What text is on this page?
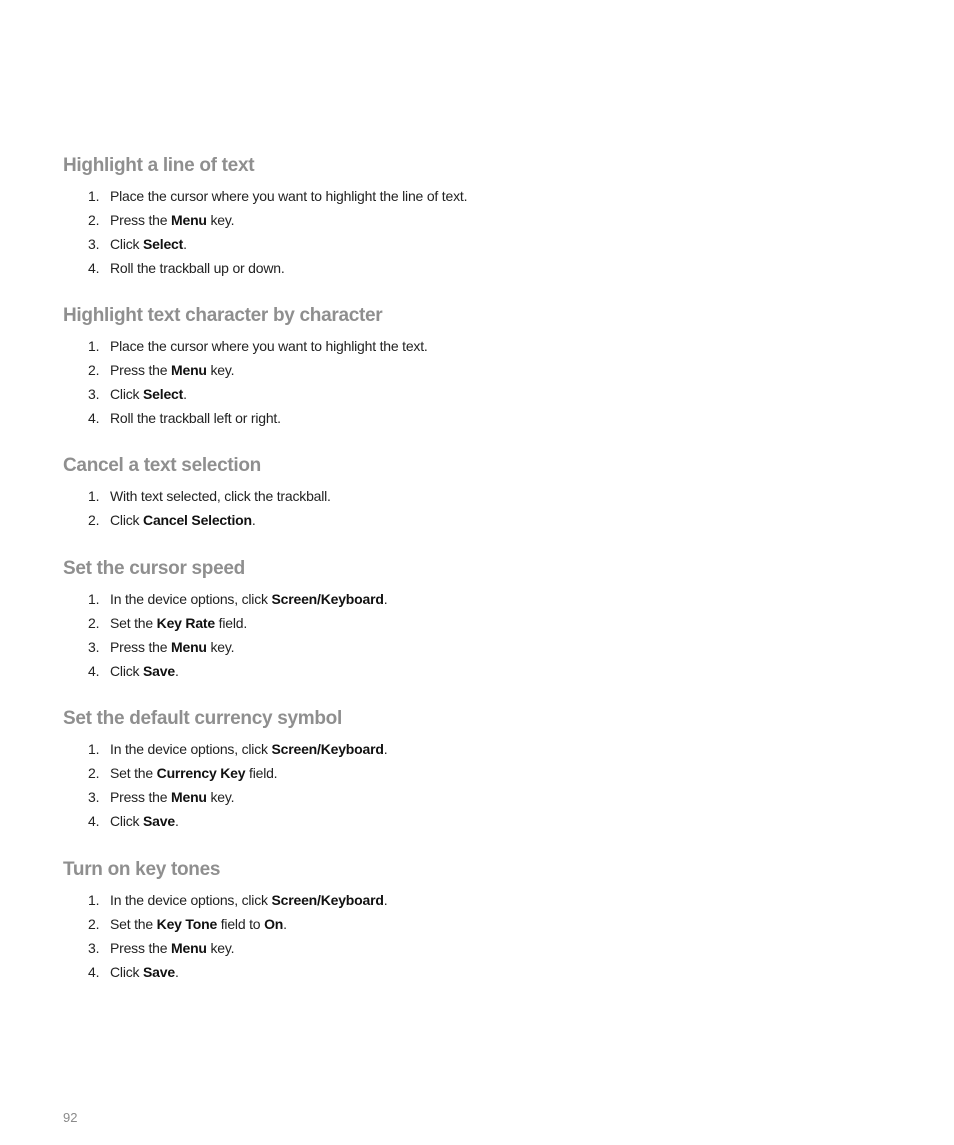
Highlight a line of text
1. Place the cursor where you want to highlight the line of text.
2. Press the Menu key.
3. Click Select.
4. Roll the trackball up or down.
Highlight text character by character
1. Place the cursor where you want to highlight the text.
2. Press the Menu key.
3. Click Select.
4. Roll the trackball left or right.
Cancel a text selection
1. With text selected, click the trackball.
2. Click Cancel Selection.
Set the cursor speed
1. In the device options, click Screen/Keyboard.
2. Set the Key Rate field.
3. Press the Menu key.
4. Click Save.
Set the default currency symbol
1. In the device options, click Screen/Keyboard.
2. Set the Currency Key field.
3. Press the Menu key.
4. Click Save.
Turn on key tones
1. In the device options, click Screen/Keyboard.
2. Set the Key Tone field to On.
3. Press the Menu key.
4. Click Save.
92
